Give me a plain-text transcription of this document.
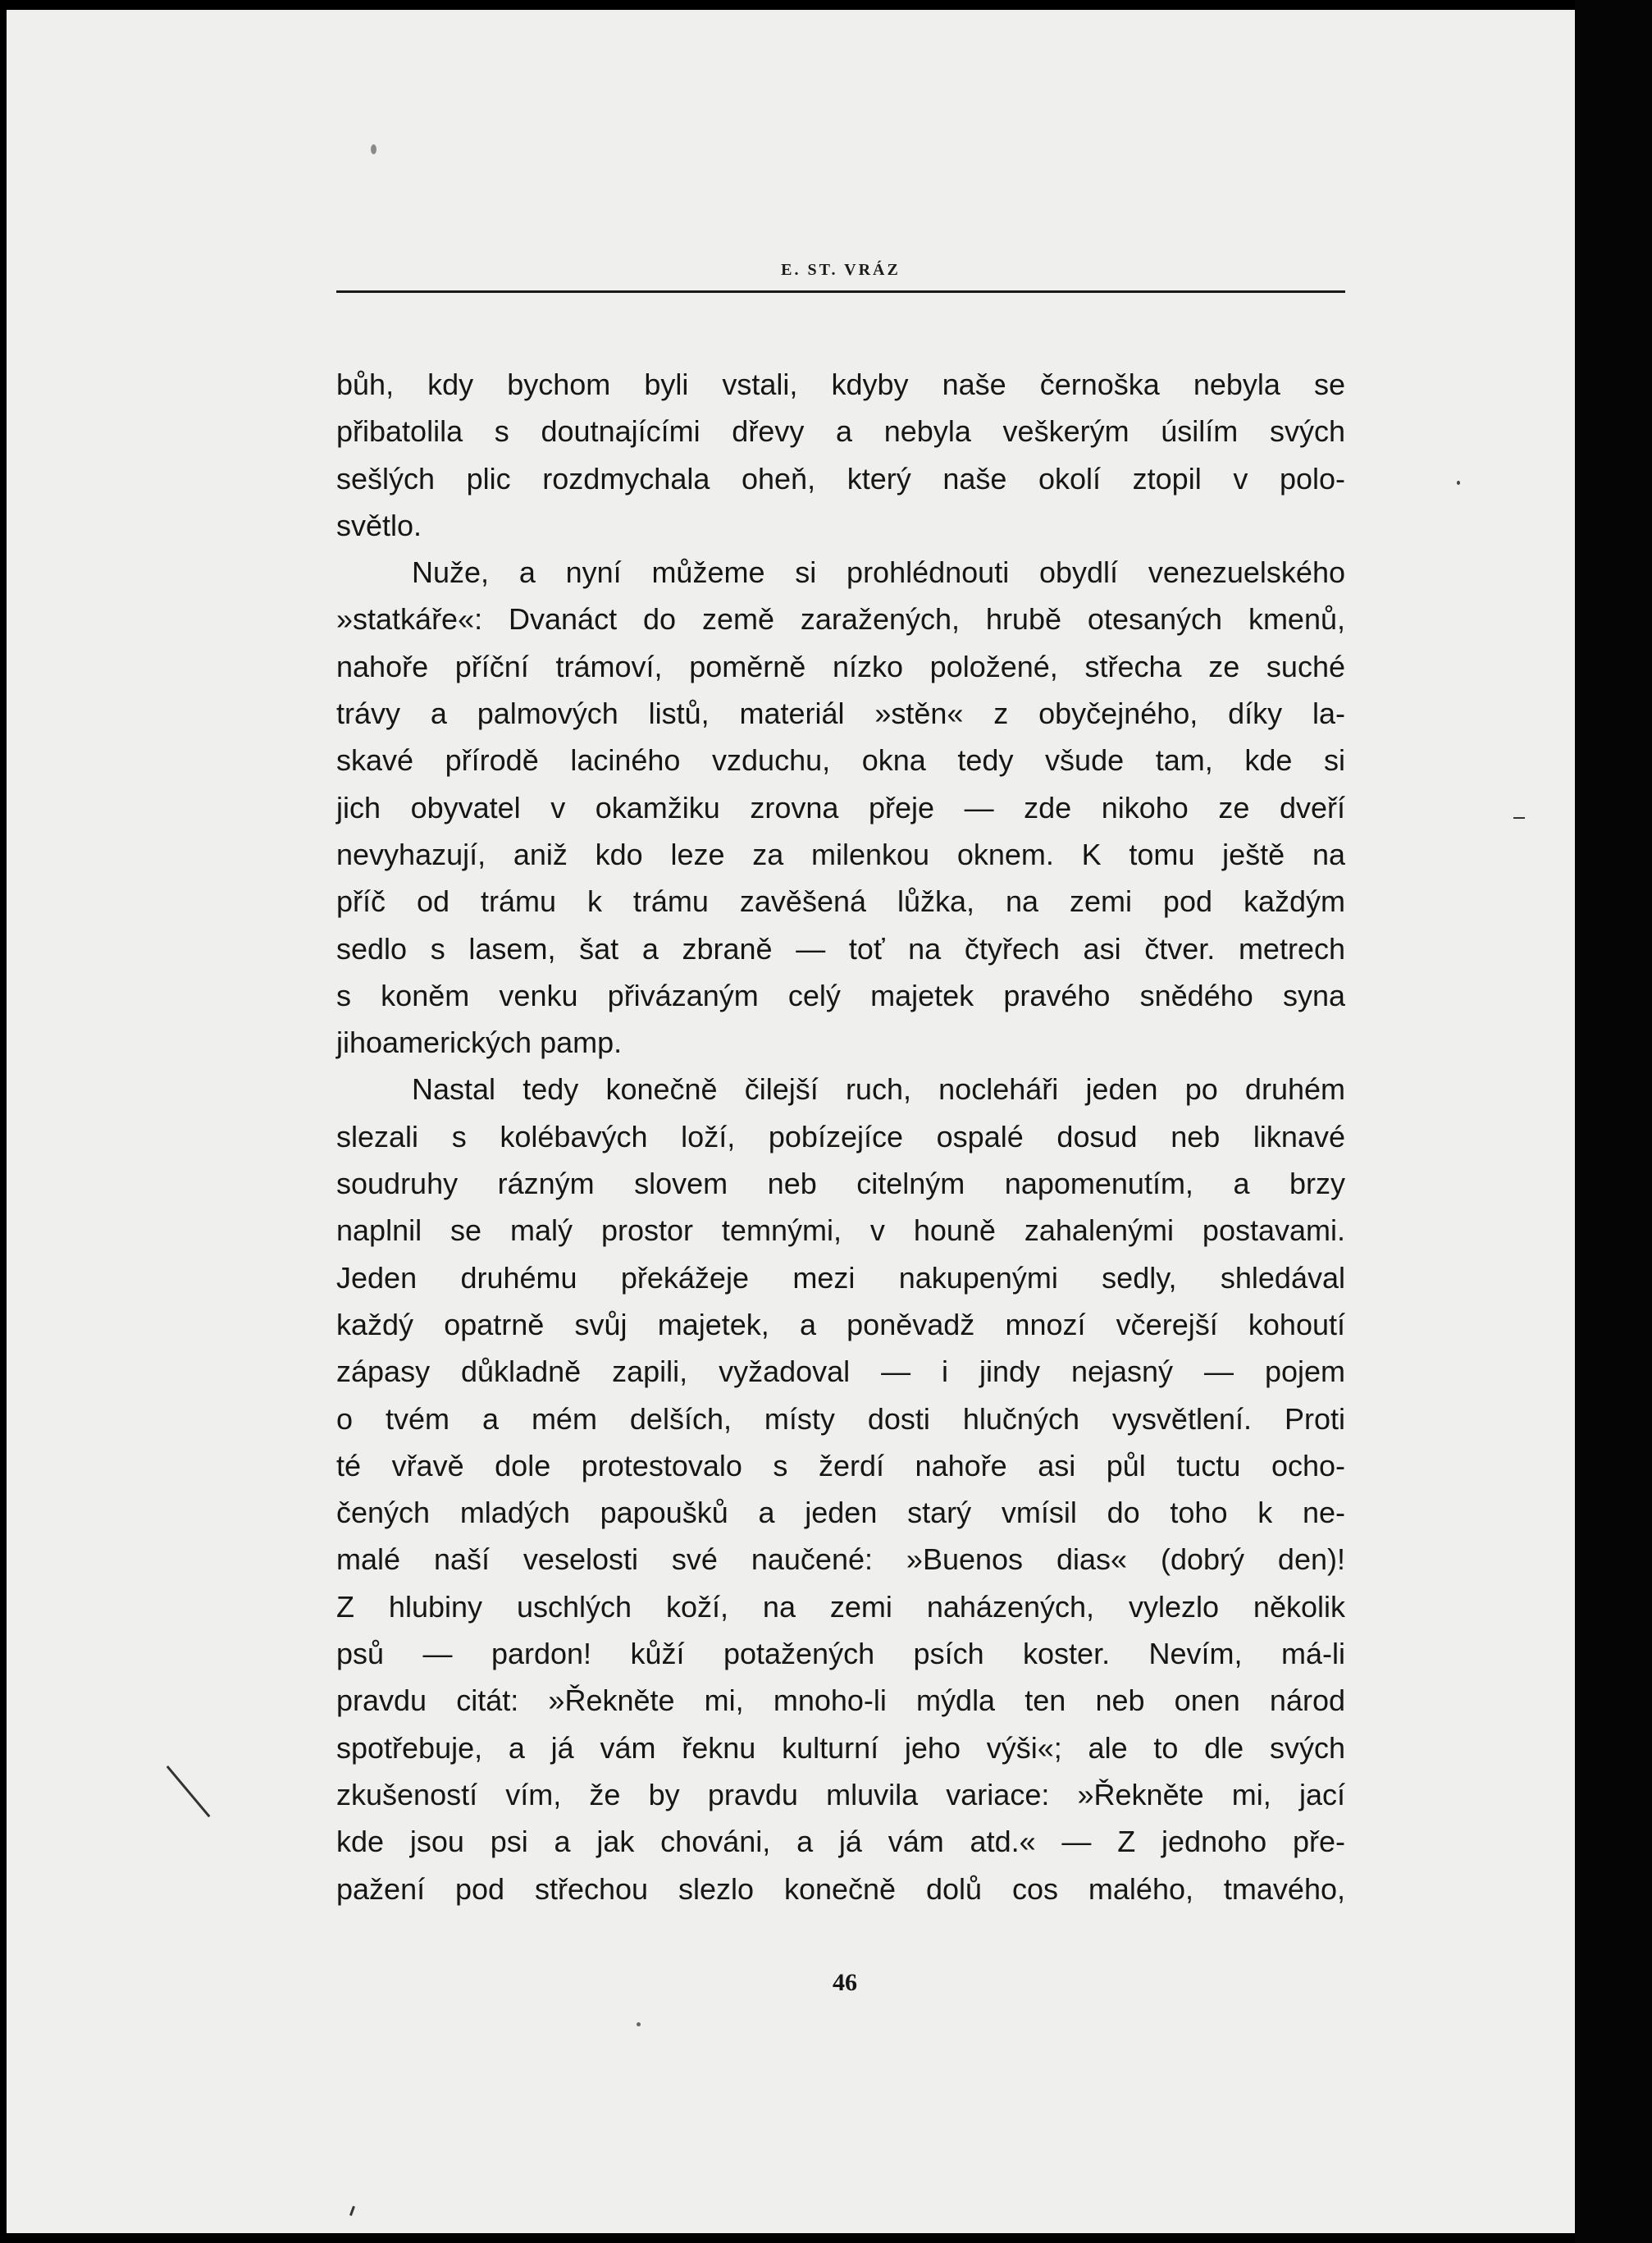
E. ST. VRÁZ

bůh, kdy bychom byli vstali, kdyby naše černoška nebyla se

přibatolila s doutnajícími dřevy a nebyla veškerým úsilím svých

sešlých plic rozdmychala oheň, který naše okolí ztopil v polo-

světlo.

Nuže, a nyní můžeme si prohlédnouti obydlí venezuelského

»statkáře«: Dvanáct do země zaražených, hrubě otesaných kmenů,

nahoře příční trámoví, poměrně nízko položené, střecha ze suché

trávy a palmových listů, materiál »stěn« z obyčejného, díky la-

skavé přírodě laciného vzduchu, okna tedy všude tam, kde si

jich obyvatel v okamžiku zrovna přeje — zde nikoho ze dveří

nevyhazují, aniž kdo leze za milenkou oknem. K tomu ještě na

příč od trámu k trámu zavěšená lůžka, na zemi pod každým

sedlo s lasem, šat a zbraně — toť na čtyřech asi čtver. metrech

s koněm venku přivázaným celý majetek pravého snědého syna

jihoamerických pamp.

Nastal tedy konečně čilejší ruch, nocleháři jeden po druhém

slezali s kolébavých loží, pobízejíce ospalé dosud neb liknavé

soudruhy rázným slovem neb citelným napomenutím, a brzy

naplnil se malý prostor temnými, v houně zahalenými postavami.

Jeden druhému překážeje mezi nakupenými sedly, shledával

každý opatrně svůj majetek, a poněvadž mnozí včerejší kohoutí

zápasy důkladně zapili, vyžadoval — i jindy nejasný — pojem

o tvém a mém delších, místy dosti hlučných vysvětlení. Proti

té vřavě dole protestovalo s žerdí nahoře asi půl tuctu ocho-

čených mladých papoušků a jeden starý vmísil do toho k ne-

malé naší veselosti své naučené: »Buenos dias« (dobrý den)!

Z hlubiny uschlých koží, na zemi naházených, vylezlo několik

psů — pardon! kůží potažených psích koster. Nevím, má-li

pravdu citát: »Řekněte mi, mnoho-li mýdla ten neb onen národ

spotřebuje, a já vám řeknu kulturní jeho výši«; ale to dle svých

zkušeností vím, že by pravdu mluvila variace: »Řekněte mi, jací

kde jsou psi a jak chováni, a já vám atd.« — Z jednoho pře-

pažení pod střechou slezlo konečně dolů cos malého, tmavého,

46
